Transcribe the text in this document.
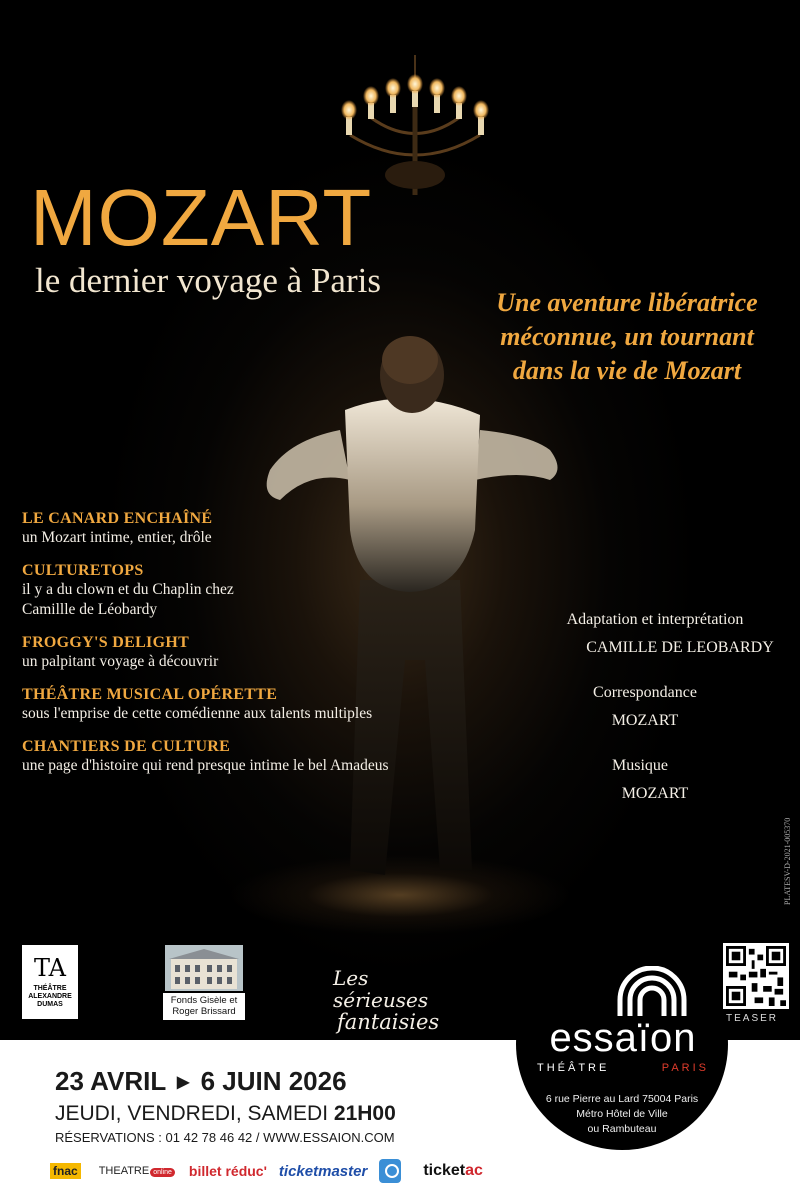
MOZART
le dernier voyage à Paris
Une aventure libératrice
méconnue, un tournant
dans la vie de Mozart
LE CANARD ENCHAÎNÉ
un Mozart intime, entier, drôle
CULTURETOPS
il y a du clown et du Chaplin chez
Camillle de Léobardy
FROGGY'S DELIGHT
un palpitant voyage à découvrir
THÉÂTRE MUSICAL OPÉRETTE
sous l'emprise de cette comédienne aux talents multiples
CHANTIERS DE CULTURE
une page d'histoire qui rend presque intime le bel Amadeus
Adaptation et interprétation
CAMILLE DE LEOBARDY
Correspondance
MOZART
Musique
MOZART
PLATESV-D-2021-005370
TA
THÉÂTRE
ALEXANDRE
DUMAS	Fonds Gisèle et
Roger Brissard
Les sérieuses
fantaisies	TEASER
23 AVRIL ▶ 6 JUIN 2026
JEUDI, VENDREDI, SAMEDI 21H00
RÉSERVATIONS : 01 42 78 46 42 / WWW.ESSAION.COM
fnac THEATRE online billet réduc' ticketmaster	ticketac
essaïon
THÉÂTRE	PARIS
6 rue Pierre au Lard 75004 Paris
Métro Hôtel de Ville
ou Rambuteau
